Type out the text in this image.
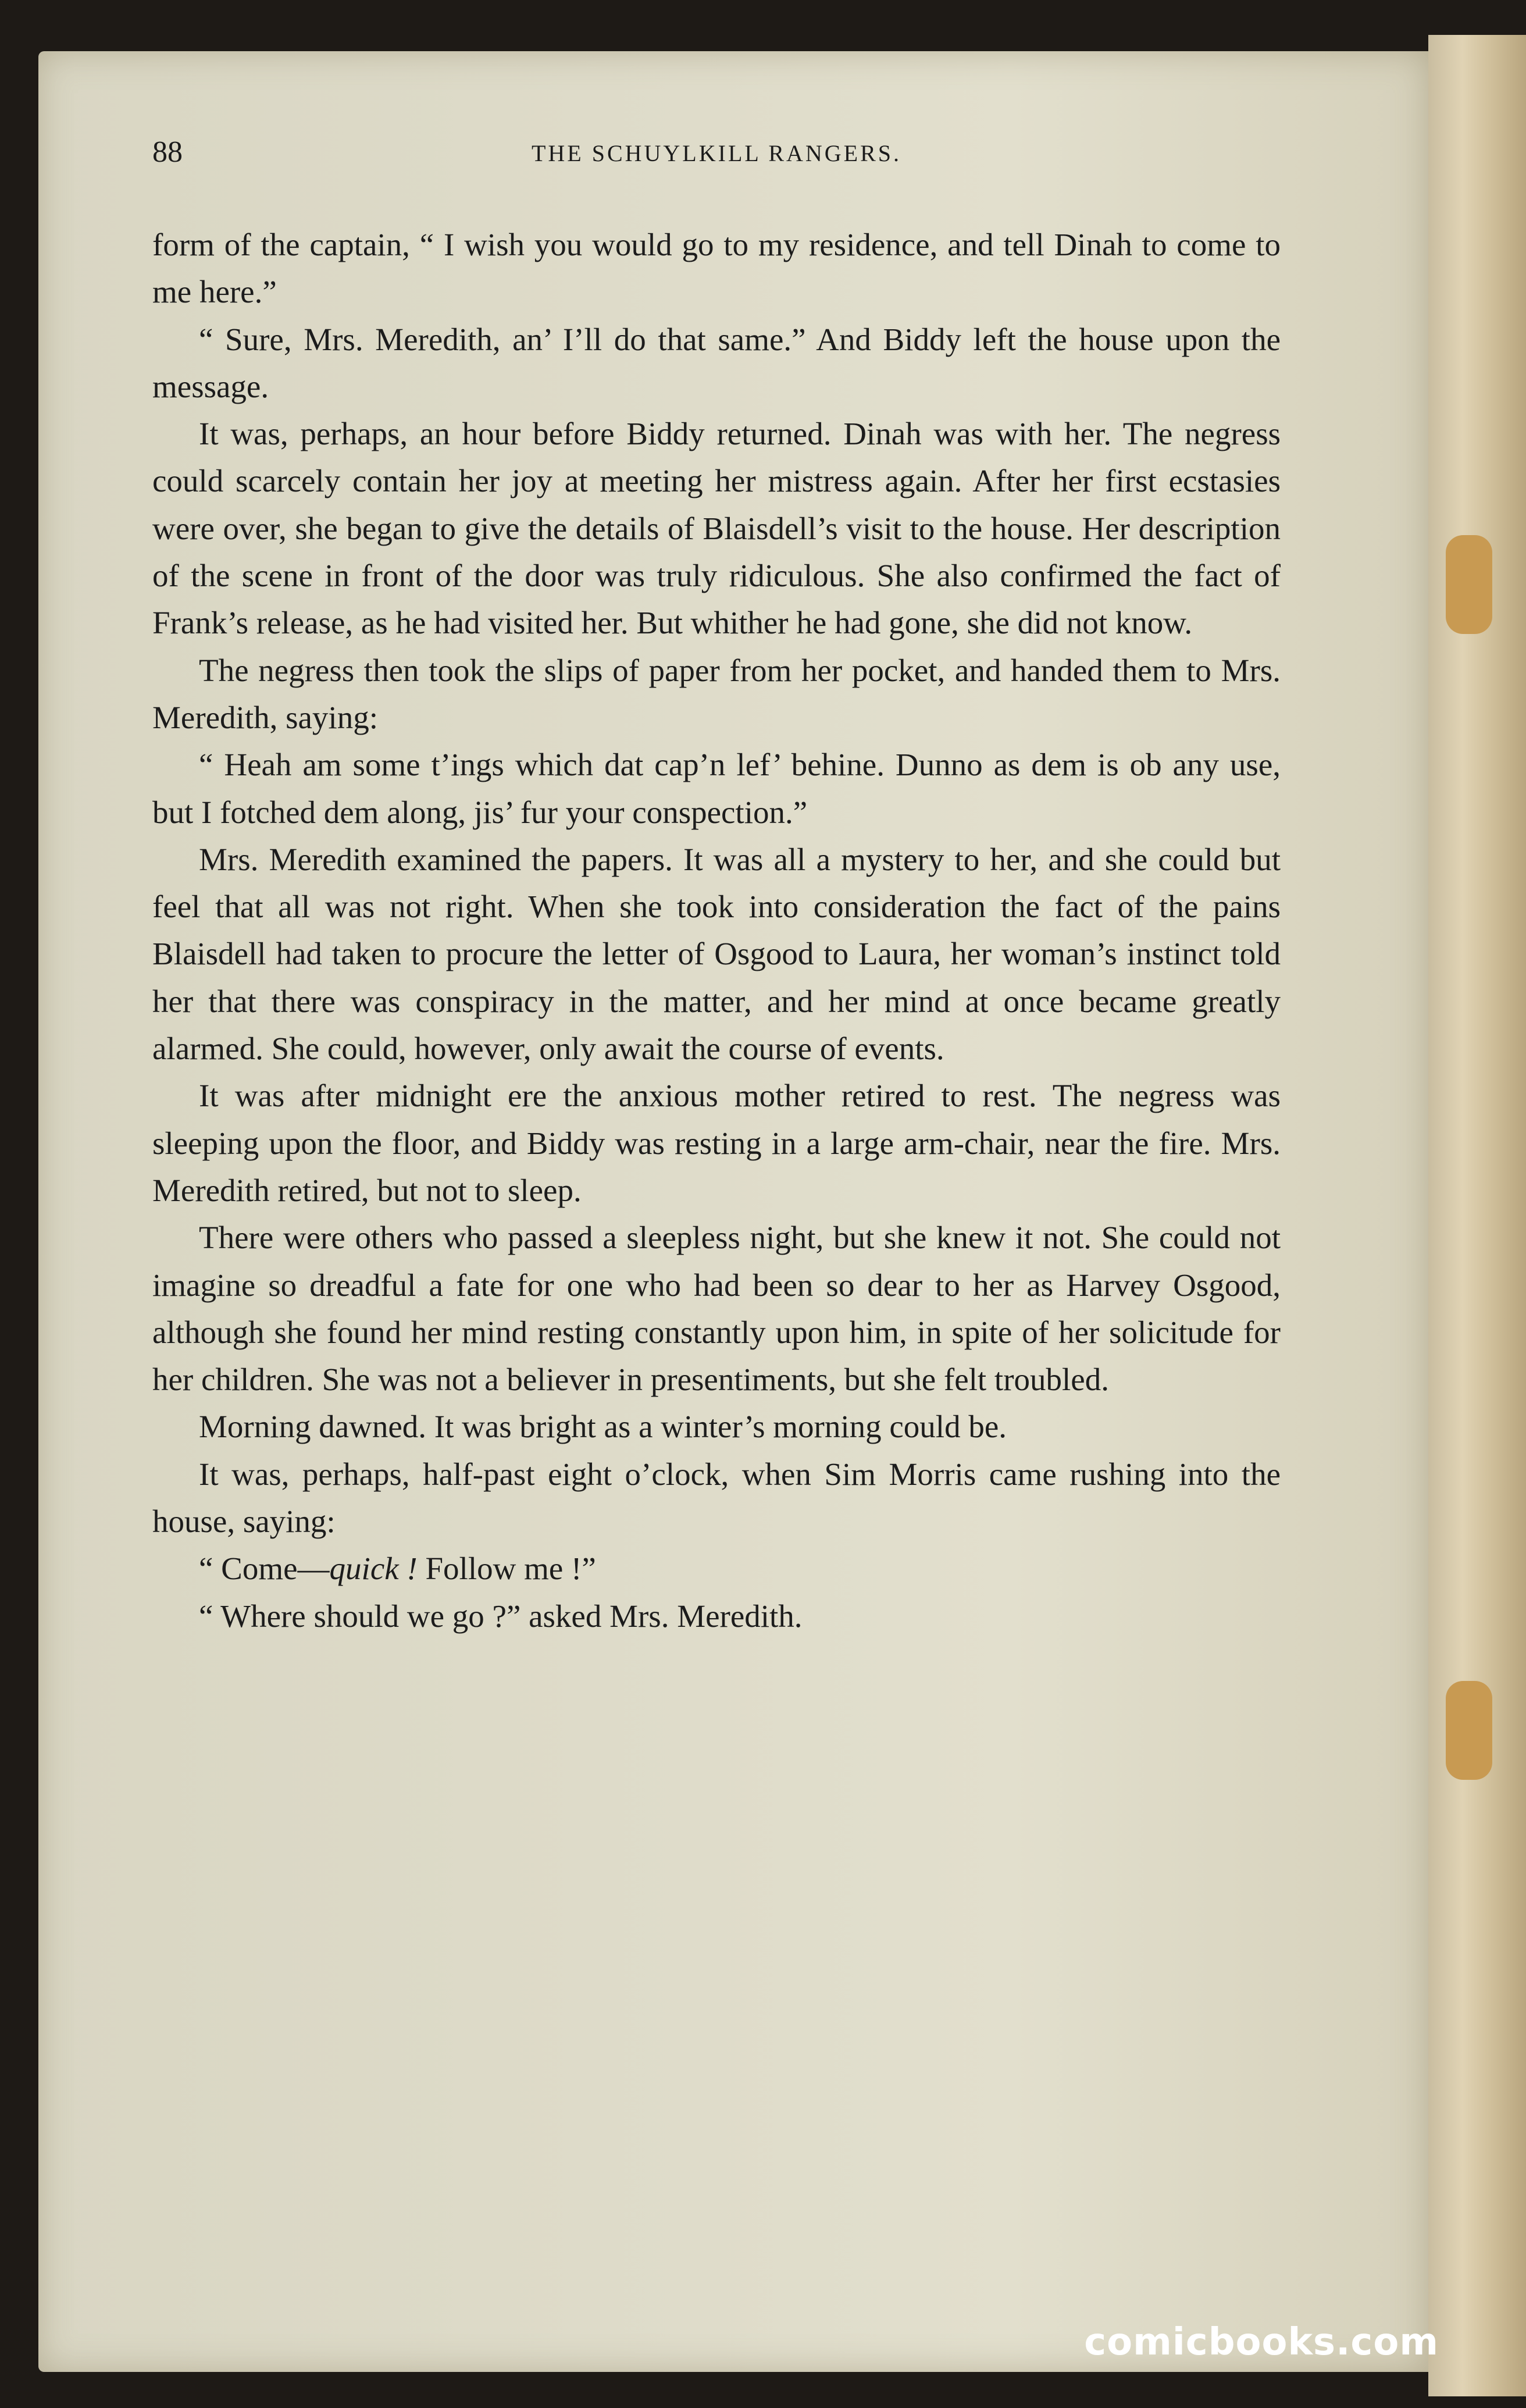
88	THE SCHUYLKILL RANGERS.

form of the captain, “ I wish you would go to my residence, and tell Dinah to come to me here.”

“ Sure, Mrs. Meredith, an’ I’ll do that same.” And Biddy left the house upon the message.

It was, perhaps, an hour before Biddy returned. Dinah was with her. The negress could scarcely contain her joy at meeting her mistress again. After her first ecstasies were over, she began to give the details of Blaisdell’s visit to the house. Her description of the scene in front of the door was truly ridiculous. She also confirmed the fact of Frank’s release, as he had visited her. But whither he had gone, she did not know.

The negress then took the slips of paper from her pocket, and handed them to Mrs. Meredith, saying:

“ Heah am some t’ings which dat cap’n lef’ behine. Dunno as dem is ob any use, but I fotched dem along, jis’ fur your conspection.”

Mrs. Meredith examined the papers. It was all a mystery to her, and she could but feel that all was not right. When she took into consideration the fact of the pains Blaisdell had taken to procure the letter of Osgood to Laura, her woman’s instinct told her that there was conspiracy in the matter, and her mind at once became greatly alarmed. She could, however, only await the course of events.

It was after midnight ere the anxious mother retired to rest. The negress was sleeping upon the floor, and Biddy was resting in a large arm-chair, near the fire. Mrs. Meredith retired, but not to sleep.

There were others who passed a sleepless night, but she knew it not. She could not imagine so dreadful a fate for one who had been so dear to her as Harvey Osgood, although she found her mind resting constantly upon him, in spite of her solicitude for her children. She was not a believer in presentiments, but she felt troubled.

Morning dawned. It was bright as a winter’s morning could be.

It was, perhaps, half-past eight o’clock, when Sim Morris came rushing into the house, saying:

“ Come—quick ! Follow me !”

“ Where should we go ?” asked Mrs. Meredith.

comicbooks.com
